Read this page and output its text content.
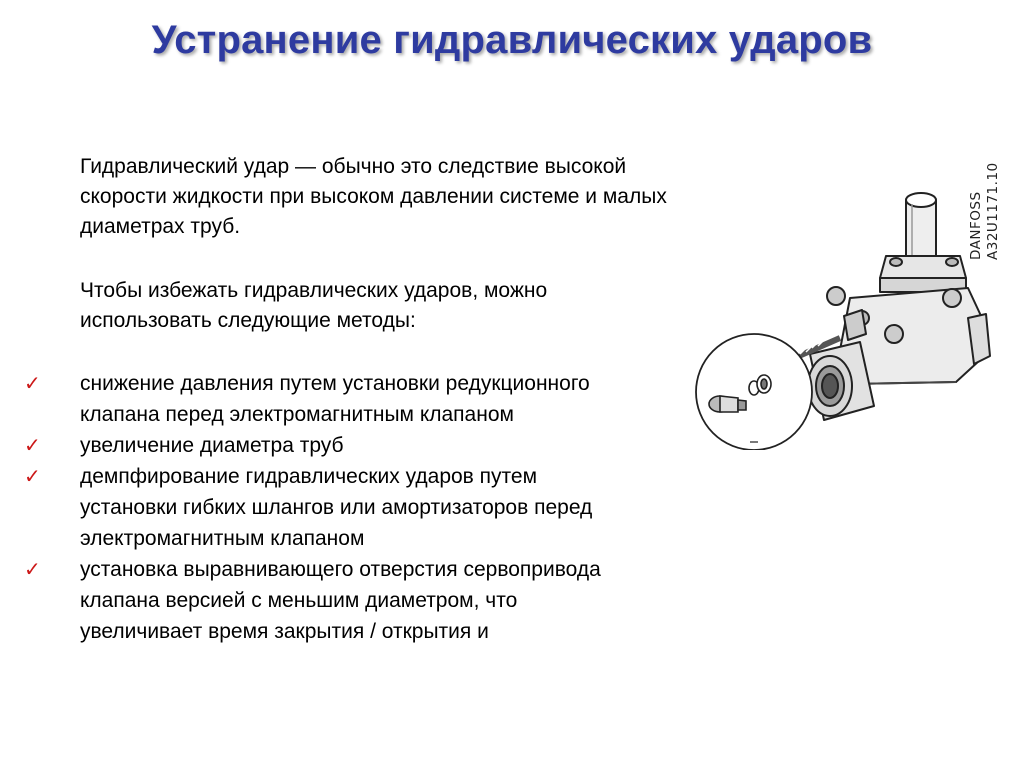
Устранение гидравлических ударов

Гидравлический удар — обычно это следствие высокой скорости жидкости при высоком давлении системе и малых диаметрах труб.

Чтобы избежать гидравлических ударов, можно использовать следующие методы:

✓ снижение давления путем установки редукционного
клапана перед электромагнитным клапаном
✓ увеличение диаметра труб
✓ демпфирование гидравлических ударов путем
установки гибких шлангов или амортизаторов перед
электромагнитным клапаном
✓ установка выравнивающего отверстия сервопривода
клапана версией с меньшим диаметром, что
увеличивает время закрытия / открытия и
DANFOSS A32U1171.10
